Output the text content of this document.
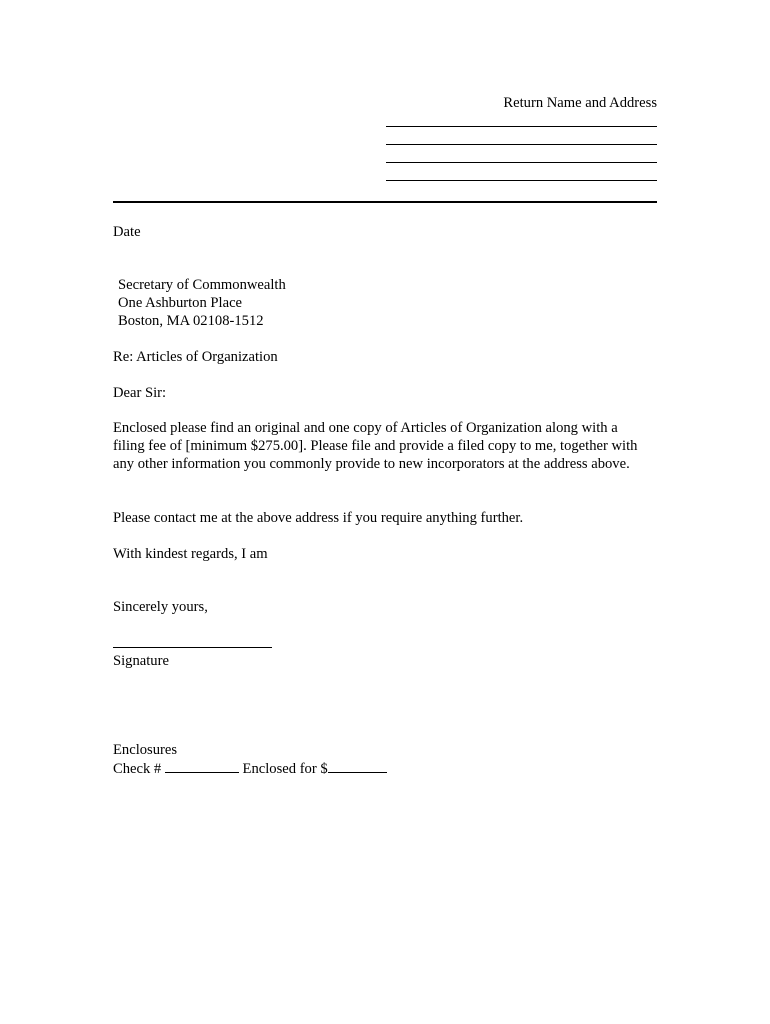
Return Name and Address
Date
Secretary of Commonwealth
One Ashburton Place
Boston, MA 02108-1512
Re: Articles of Organization
Dear Sir:
Enclosed please find an original and one copy of Articles of Organization along with a filing fee of [minimum $275.00]. Please file and provide a filed copy to me, together with any other information you commonly provide to new incorporators at the address above.
Please contact me at the above address if you require anything further.
With kindest regards, I am
Sincerely yours,
Signature
Enclosures
Check #	Enclosed for $
